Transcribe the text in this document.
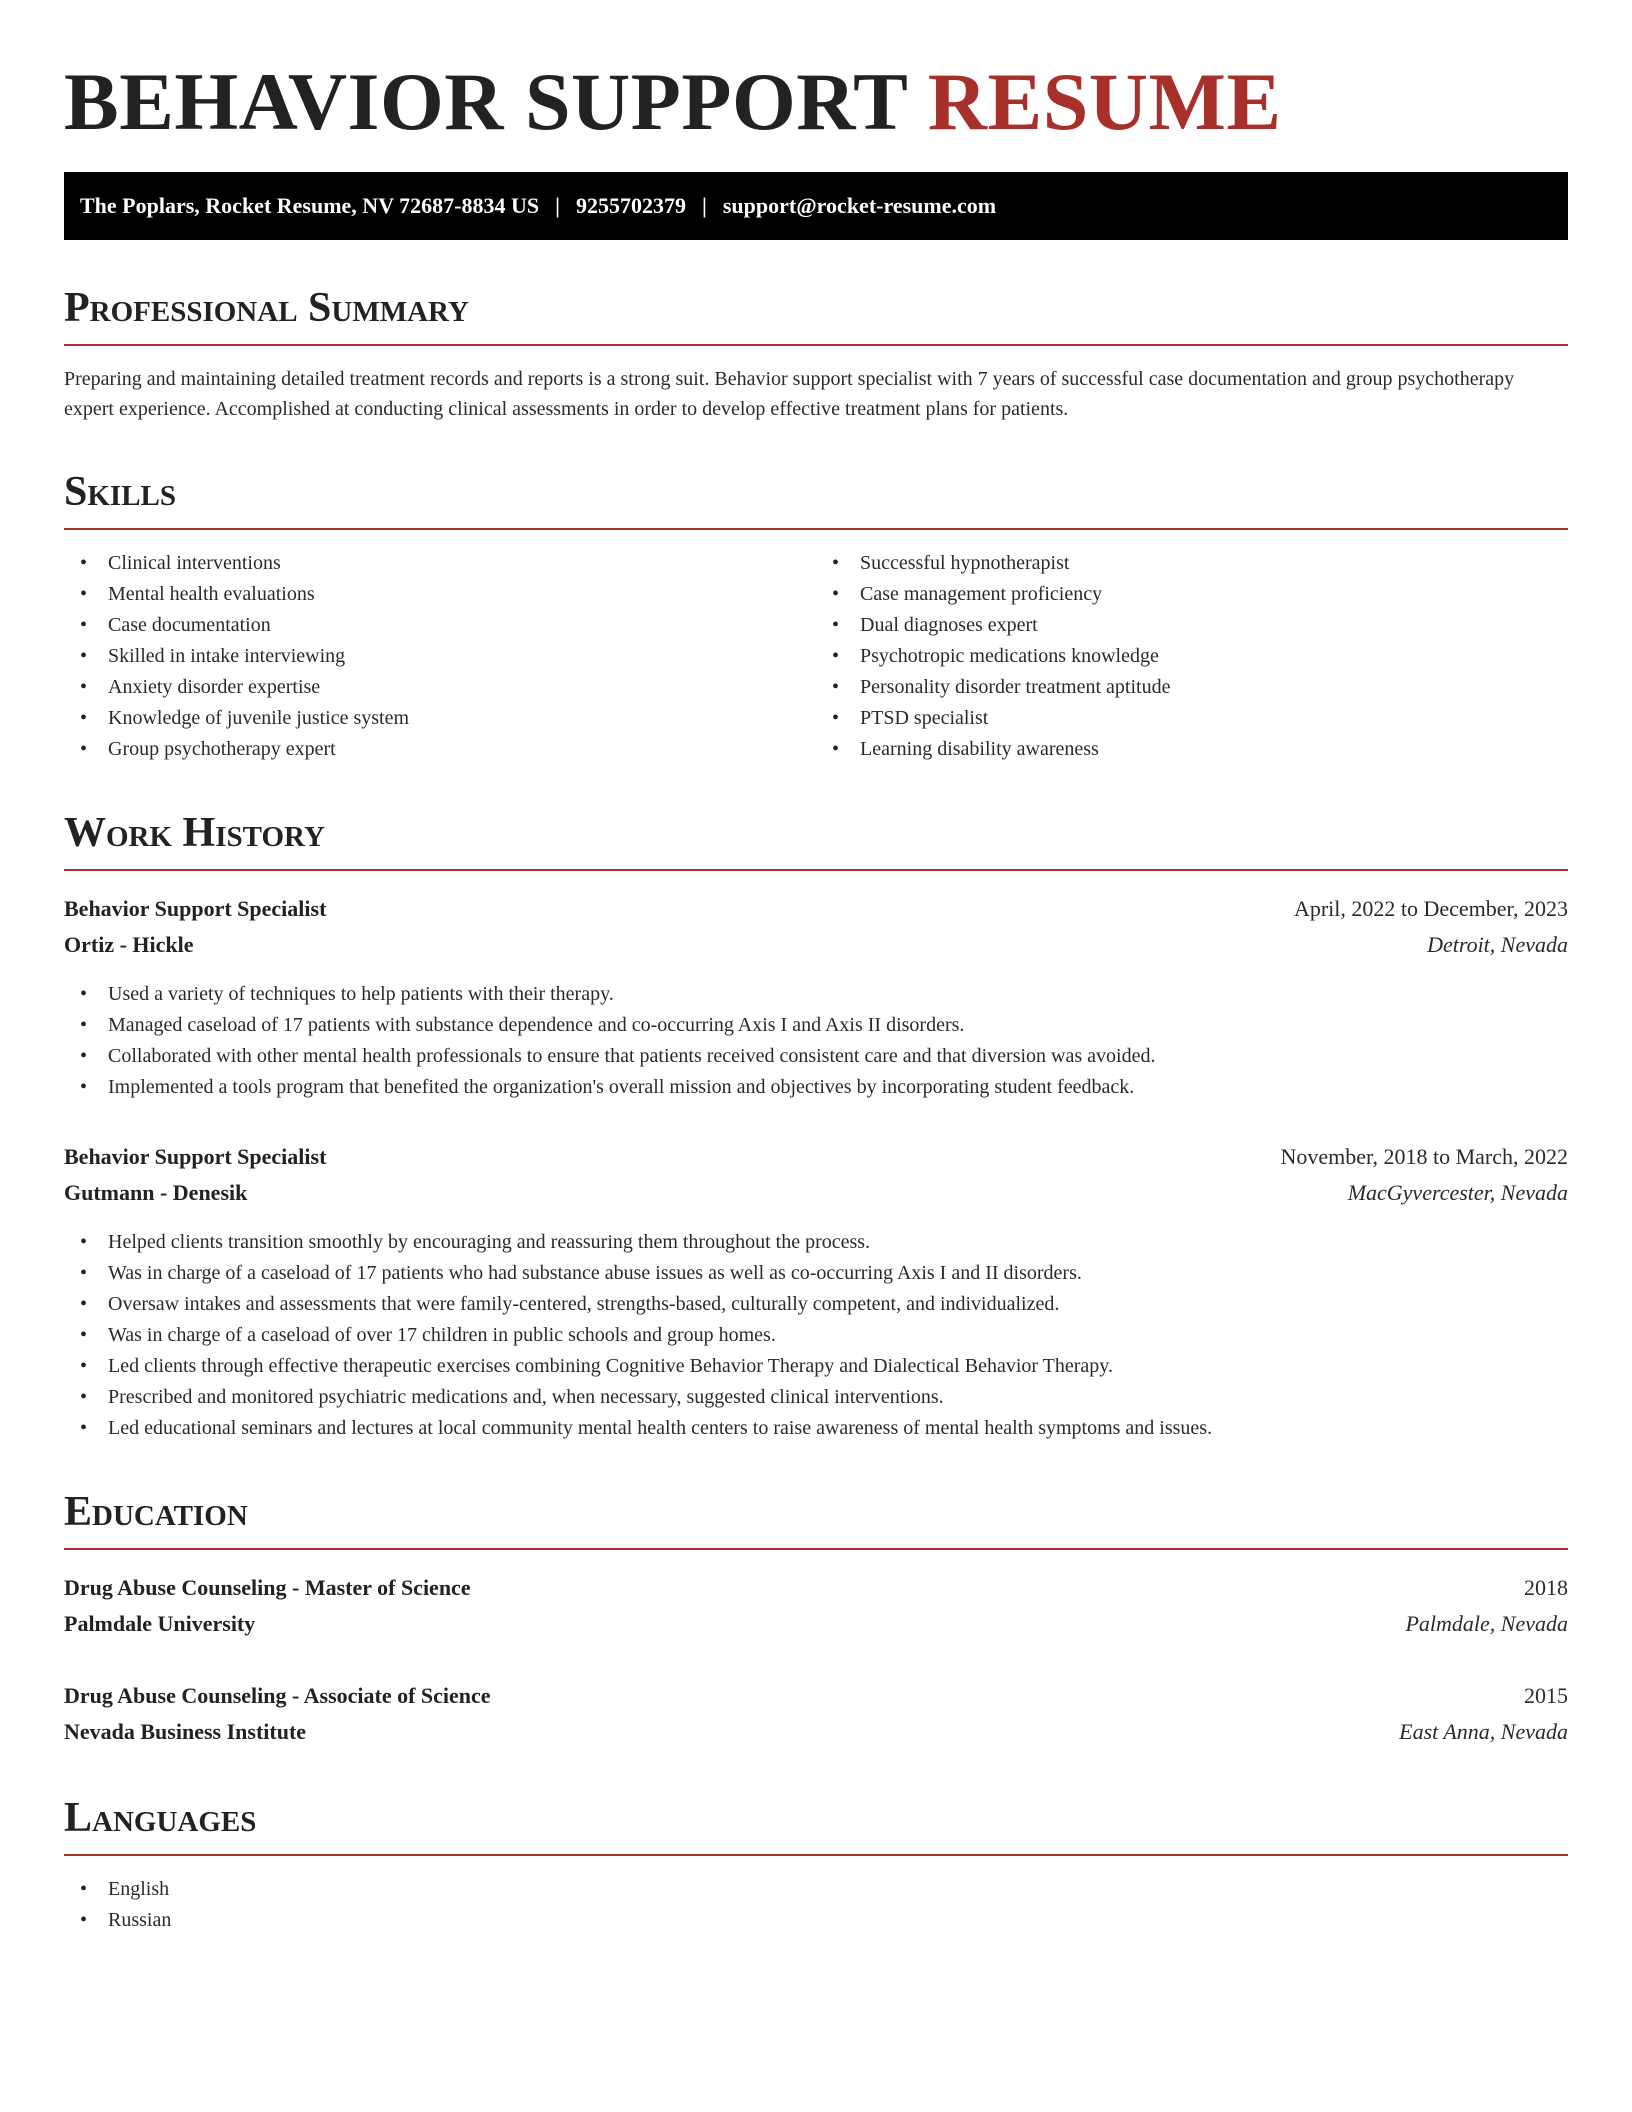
BEHAVIOR SUPPORT RESUME
The Poplars, Rocket Resume, NV 72687-8834 US | 9255702379 | support@rocket-resume.com
Professional Summary

Preparing and maintaining detailed treatment records and reports is a strong suit. Behavior support specialist with 7 years of successful case documentation and group psychotherapy expert experience. Accomplished at conducting clinical assessments in order to develop effective treatment plans for patients.

Skills
• Clinical interventions
• Mental health evaluations
• Case documentation
• Skilled in intake interviewing
• Anxiety disorder expertise
• Knowledge of juvenile justice system
• Group psychotherapy expert
• Successful hypnotherapist
• Case management proficiency
• Dual diagnoses expert
• Psychotropic medications knowledge
• Personality disorder treatment aptitude
• PTSD specialist
• Learning disability awareness
Work History
Behavior Support Specialist	April, 2022 to December, 2023
Ortiz - Hickle	Detroit, Nevada
• Used a variety of techniques to help patients with their therapy.
• Managed caseload of 17 patients with substance dependence and co-occurring Axis I and Axis II disorders.
• Collaborated with other mental health professionals to ensure that patients received consistent care and that diversion was avoided.
• Implemented a tools program that benefited the organization's overall mission and objectives by incorporating student feedback.
Behavior Support Specialist	November, 2018 to March, 2022
Gutmann - Denesik	MacGyvercester, Nevada
• Helped clients transition smoothly by encouraging and reassuring them throughout the process.
• Was in charge of a caseload of 17 patients who had substance abuse issues as well as co-occurring Axis I and II disorders.
• Oversaw intakes and assessments that were family-centered, strengths-based, culturally competent, and individualized.
• Was in charge of a caseload of over 17 children in public schools and group homes.
• Led clients through effective therapeutic exercises combining Cognitive Behavior Therapy and Dialectical Behavior Therapy.
• Prescribed and monitored psychiatric medications and, when necessary, suggested clinical interventions.
• Led educational seminars and lectures at local community mental health centers to raise awareness of mental health symptoms and issues.
Education
Drug Abuse Counseling - Master of Science	2018
Palmdale University	Palmdale, Nevada
Drug Abuse Counseling - Associate of Science	2015
Nevada Business Institute	East Anna, Nevada
Languages
• English
• Russian
